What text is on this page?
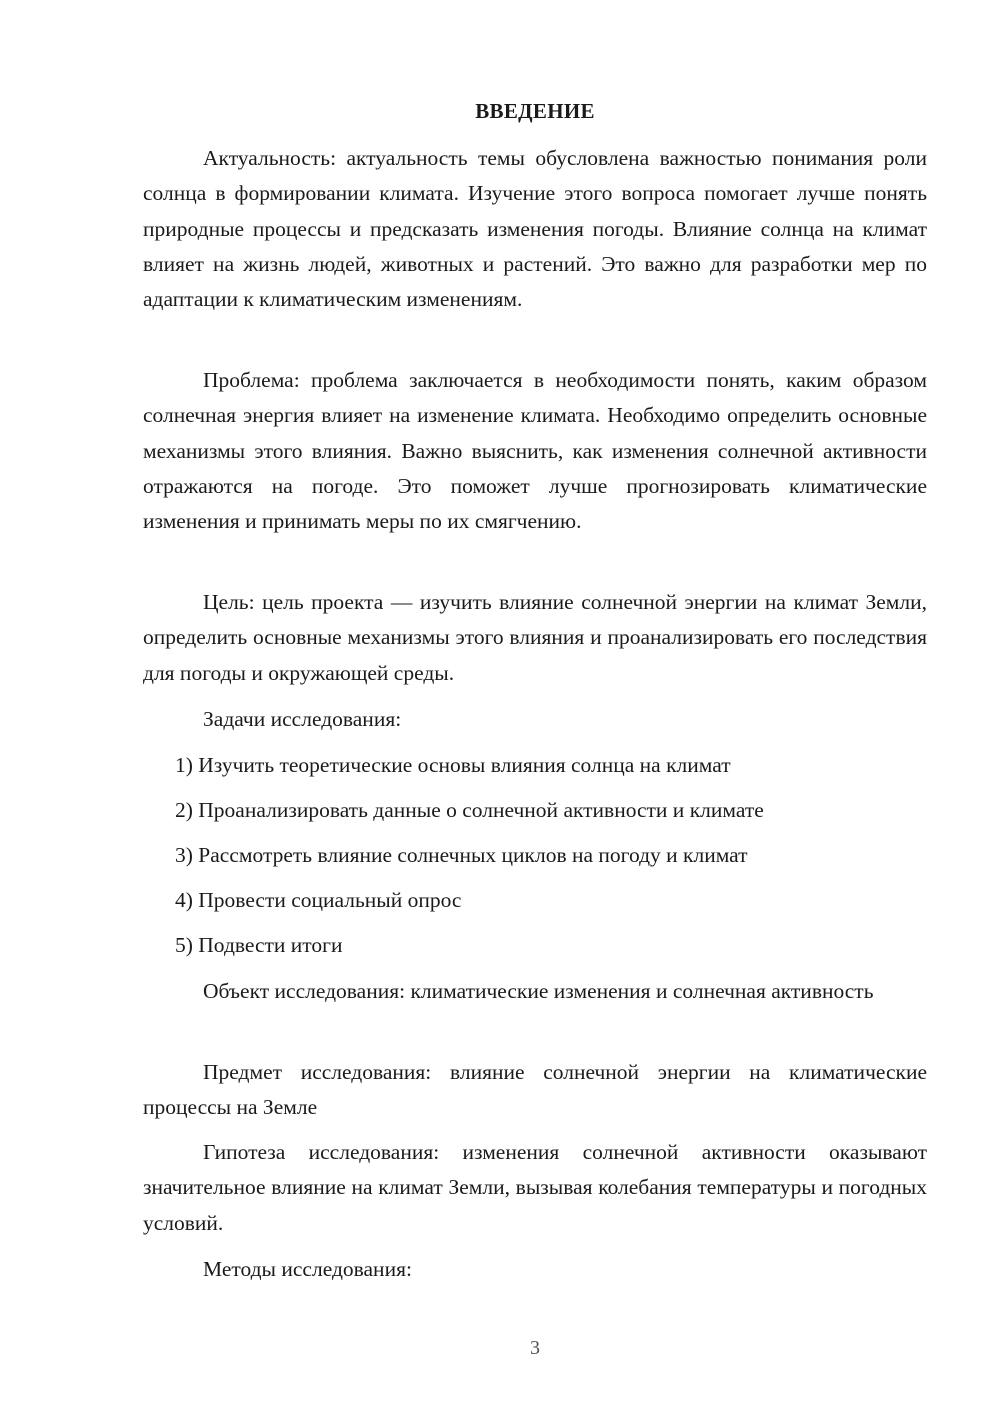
ВВЕДЕНИЕ

Актуальность: актуальность темы обусловлена важностью понимания роли солнца в формировании климата. Изучение этого вопроса помогает лучше понять природные процессы и предсказать изменения погоды. Влияние солнца на климат влияет на жизнь людей, животных и растений. Это важно для разработки мер по адаптации к климатическим изменениям.

Проблема: проблема заключается в необходимости понять, каким образом солнечная энергия влияет на изменение климата. Необходимо определить основные механизмы этого влияния. Важно выяснить, как изменения солнечной активности отражаются на погоде. Это поможет лучше прогнозировать климатические изменения и принимать меры по их смягчению.

Цель: цель проекта — изучить влияние солнечной энергии на климат Земли, определить основные механизмы этого влияния и проанализировать его последствия для погоды и окружающей среды.

Задачи исследования:

1) Изучить теоретические основы влияния солнца на климат

2) Проанализировать данные о солнечной активности и климате

3) Рассмотреть влияние солнечных циклов на погоду и климат

4) Провести социальный опрос

5) Подвести итоги

Объект исследования: климатические изменения и солнечная активность

Предмет исследования: влияние солнечной энергии на климатические процессы на Земле

Гипотеза исследования: изменения солнечной активности оказывают значительное влияние на климат Земли, вызывая колебания температуры и погодных условий.

Методы исследования:

3
